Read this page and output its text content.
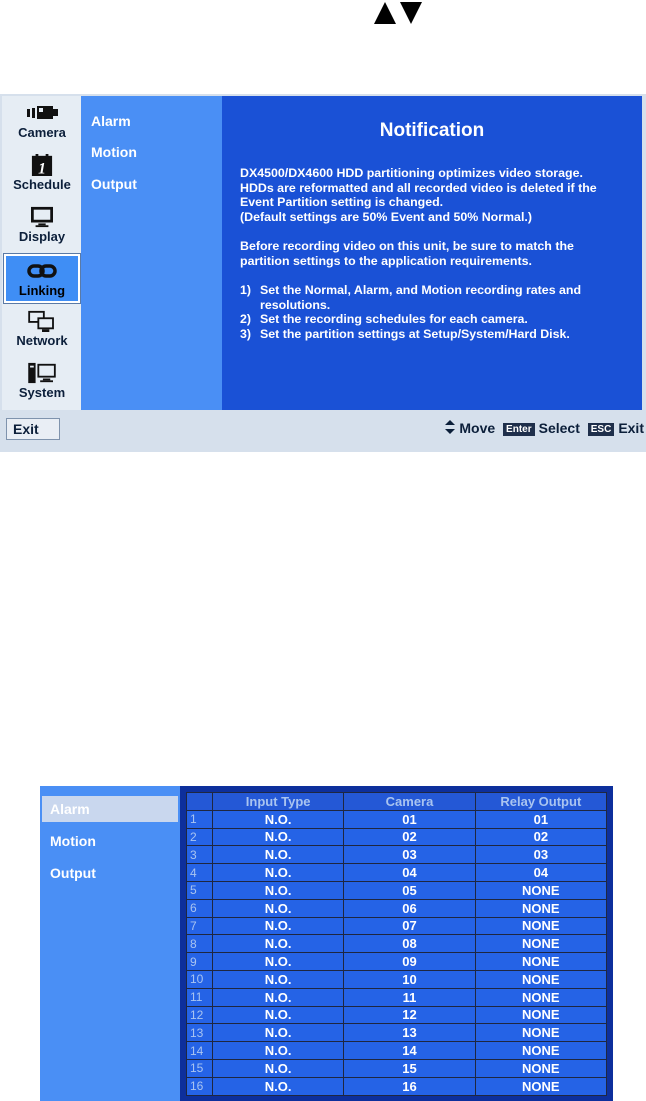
Camera
1
Schedule
Display
Linking
Network
System
Alarm
Motion
Output
Notification

DX4500/DX4600 HDD partitioning optimizes video storage.

HDDs are reformatted and all recorded video is deleted if the

Event Partition setting is changed.

(Default settings are 50% Event and 50% Normal.)

Before recording video on this unit, be sure to match the

partition settings to the application requirements.

1) Set the Normal, Alarm, and Motion recording rates and resolutions.
2) Set the recording schedules for each camera.
3) Set the partition settings at Setup/System/Hard Disk.
Exit	Move Enter Select ESC Exit
Alarm
Motion
Output
	Input Type	Camera	Relay Output
1	N.O.	01	01
2	N.O.	02	02
3	N.O.	03	03
4	N.O.	04	04
5	N.O.	05	NONE
6	N.O.	06	NONE
7	N.O.	07	NONE
8	N.O.	08	NONE
9	N.O.	09	NONE
10	N.O.	10	NONE
11	N.O.	11	NONE
12	N.O.	12	NONE
13	N.O.	13	NONE
14	N.O.	14	NONE
15	N.O.	15	NONE
16	N.O.	16	NONE
